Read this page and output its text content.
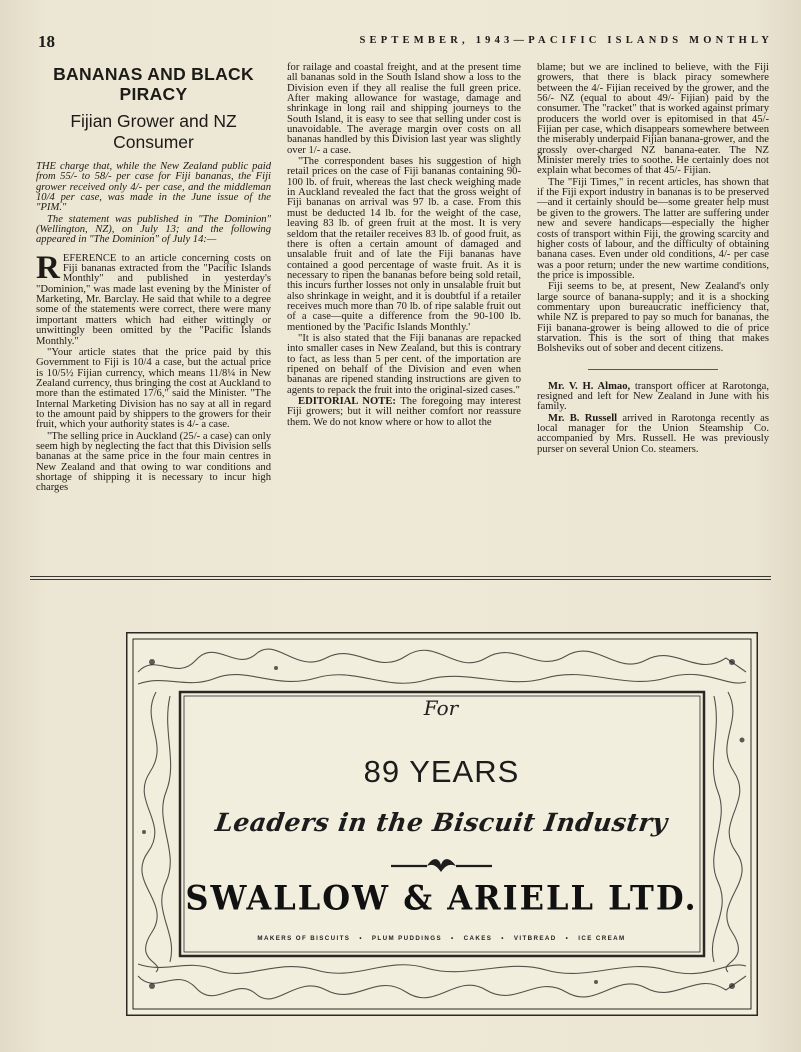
18	SEPTEMBER, 1943—PACIFIC ISLANDS MONTHLY
BANANAS AND BLACK PIRACY
Fijian Grower and NZ Consumer

THE charge that, while the New Zealand public paid from 55/- to 58/- per case for Fiji bananas, the Fiji grower received only 4/- per case, and the middleman 10/4 per case, was made in the June issue of the "PIM."

The statement was published in "The Dominion" (Wellington, NZ), on July 13; and the following appeared in "The Dominion" of July 14:—

REFERENCE to an article concerning costs on Fiji bananas extracted from the "Pacific Islands Monthly" and published in yesterday's "Dominion," was made last evening by the Minister of Marketing, Mr. Barclay. He said that while to a degree some of the statements were correct, there were many important matters which had either wittingly or unwittingly been omitted by the "Pacific Islands Monthly."

"Your article states that the price paid by this Government to Fiji is 10/4 a case, but the actual price is 10/5½ Fijian currency, which means 11/8¼ in New Zealand currency, thus bringing the cost at Auckland to more than the estimated 17/6," said the Minister. "The Internal Marketing Division has no say at all in regard to the amount paid by shippers to the growers for their fruit, which your authority states is 4/- a case.

"The selling price in Auckland (25/- a case) can only seem high by neglecting the fact that this Division sells bananas at the same price in the four main centres in New Zealand and that owing to war conditions and shortage of shipping it is necessary to incur high charges

for railage and coastal freight, and at the present time all bananas sold in the South Island show a loss to the Division even if they all realise the full green price. After making allowance for wastage, damage and shrinkage in long rail and shipping journeys to the South Island, it is easy to see that selling under cost is unavoidable. The average margin over costs on all bananas handled by this Division last year was slightly over 1/- a case.

"The correspondent bases his suggestion of high retail prices on the case of Fiji bananas containing 90-100 lb. of fruit, whereas the last check weighing made in Auckland revealed the fact that the gross weight of Fiji bananas on arrival was 97 lb. a case. From this must be deducted 14 lb. for the weight of the case, leaving 83 lb. of green fruit at the most. It is very seldom that the retailer receives 83 lb. of good fruit, as there is often a certain amount of damaged and unsalable fruit and of late the Fiji bananas have contained a good percentage of waste fruit. As it is necessary to ripen the bananas before being sold retail, this incurs further losses not only in unsalable fruit but also shrinkage in weight, and it is doubtful if a retailer receives much more than 70 lb. of ripe salable fruit out of a case—quite a difference from the 90-100 lb. mentioned by the 'Pacific Islands Monthly.'

"It is also stated that the Fiji bananas are repacked into smaller cases in New Zealand, but this is contrary to fact, as less than 5 per cent. of the importation are ripened on behalf of the Division and even when bananas are ripened standing instructions are given to agents to repack the fruit into the original-sized cases."

EDITORIAL NOTE: The foregoing may interest Fiji growers; but it will neither comfort nor reassure them. We do not know where or how to allot the

blame; but we are inclined to believe, with the Fiji growers, that there is black piracy somewhere between the 4/- Fijian received by the grower, and the 56/- NZ (equal to about 49/- Fijian) paid by the consumer. The "racket" that is worked against primary producers the world over is epitomised in that 45/- Fijian per case, which disappears somewhere between the miserably underpaid Fijian banana-grower, and the grossly over-charged NZ banana-eater. The NZ Minister merely tries to soothe. He certainly does not explain what becomes of that 45/- Fijian.

The "Fiji Times," in recent articles, has shown that if the Fiji export industry in bananas is to be preserved—and it certainly should be—some greater help must be given to the growers. The latter are suffering under new and severe handicaps—especially the higher costs of transport within Fiji, the growing scarcity and higher costs of labour, and the difficulty of obtaining banana cases. Even under old conditions, 4/- per case was a poor return; under the new wartime conditions, the price is impossible.

Fiji seems to be, at present, New Zealand's only large source of banana-supply; and it is a shocking commentary upon bureaucratic inefficiency that, while NZ is prepared to pay so much for bananas, the Fiji banana-grower is being allowed to die of price starvation. This is the sort of thing that makes Bolsheviks out of sober and decent citizens.

Mr. V. H. Almao, transport officer at Rarotonga, resigned and left for New Zealand in June with his family.

Mr. B. Russell arrived in Rarotonga recently as local manager for the Union Steamship Co. accompanied by Mrs. Russell. He was previously purser on several Union Co. steamers.

For
89 YEARS
Leaders in the Biscuit Industry
SWALLOW & ARIELL LTD.
MAKERS OF BISCUITS • PLUM PUDDINGS • CAKES • VITBREAD • ICE CREAM
